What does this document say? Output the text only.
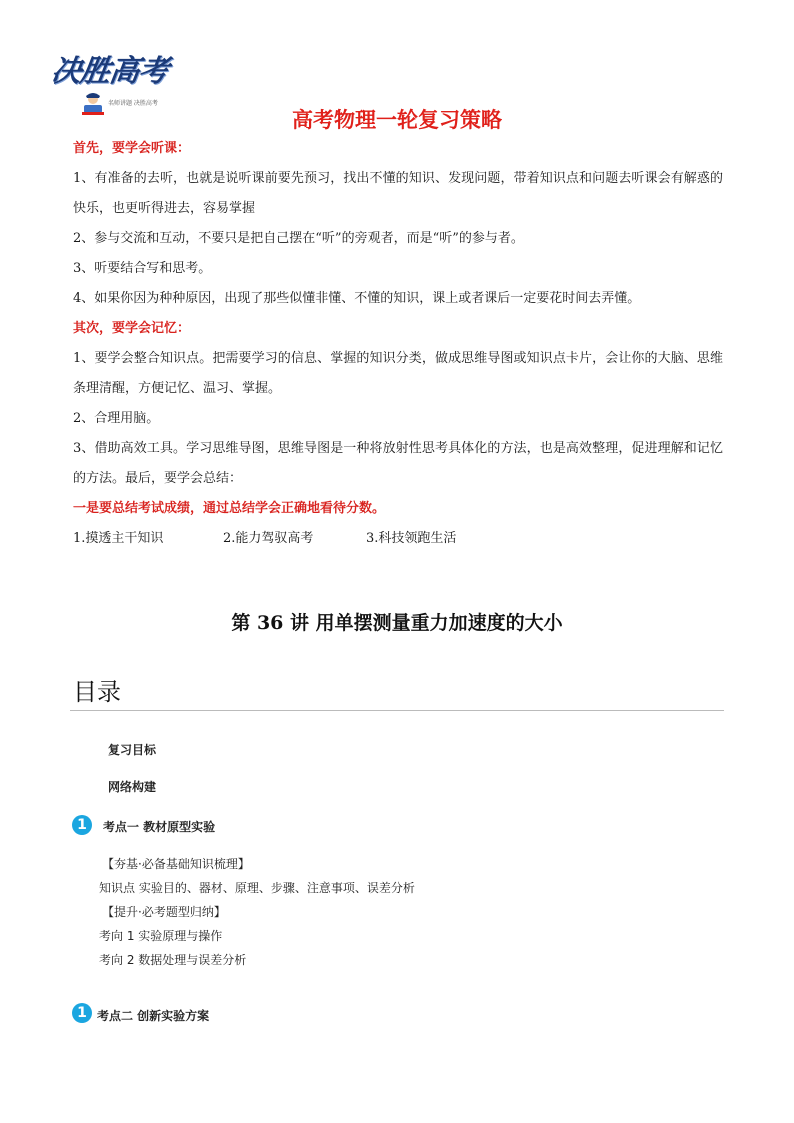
决胜高考
名师讲题 决胜高考
高考物理一轮复习策略

首先，要学会听课：

1、有准备的去听，也就是说听课前要先预习，找出不懂的知识、发现问题，带着知识点和问题去听课会有解惑的快乐，也更听得进去，容易掌握

2、参与交流和互动，不要只是把自己摆在“听”的旁观者，而是“听”的参与者。

3、听要结合写和思考。

4、如果你因为种种原因，出现了那些似懂非懂、不懂的知识，课上或者课后一定要花时间去弄懂。

其次，要学会记忆：

1、要学会整合知识点。把需要学习的信息、掌握的知识分类，做成思维导图或知识点卡片，会让你的大脑、思维条理清醒，方便记忆、温习、掌握。

2、合理用脑。

3、借助高效工具。学习思维导图，思维导图是一种将放射性思考具体化的方法，也是高效整理，促进理解和记忆的方法。最后，要学会总结：

一是要总结考试成绩，通过总结学会正确地看待分数。

1.摸透主干知识	2.能力驾驭高考	3.科技领跑生活
第 36 讲 用单摆测量重力加速度的大小
目录
复习目标
网络构建
1	考点一 教材原型实验
【夯基·必备基础知识梳理】
知识点 实验目的、器材、原理、步骤、注意事项、误差分析
【提升·必考题型归纳】
考向 1 实验原理与操作
考向 2 数据处理与误差分析
1 考点二 创新实验方案
